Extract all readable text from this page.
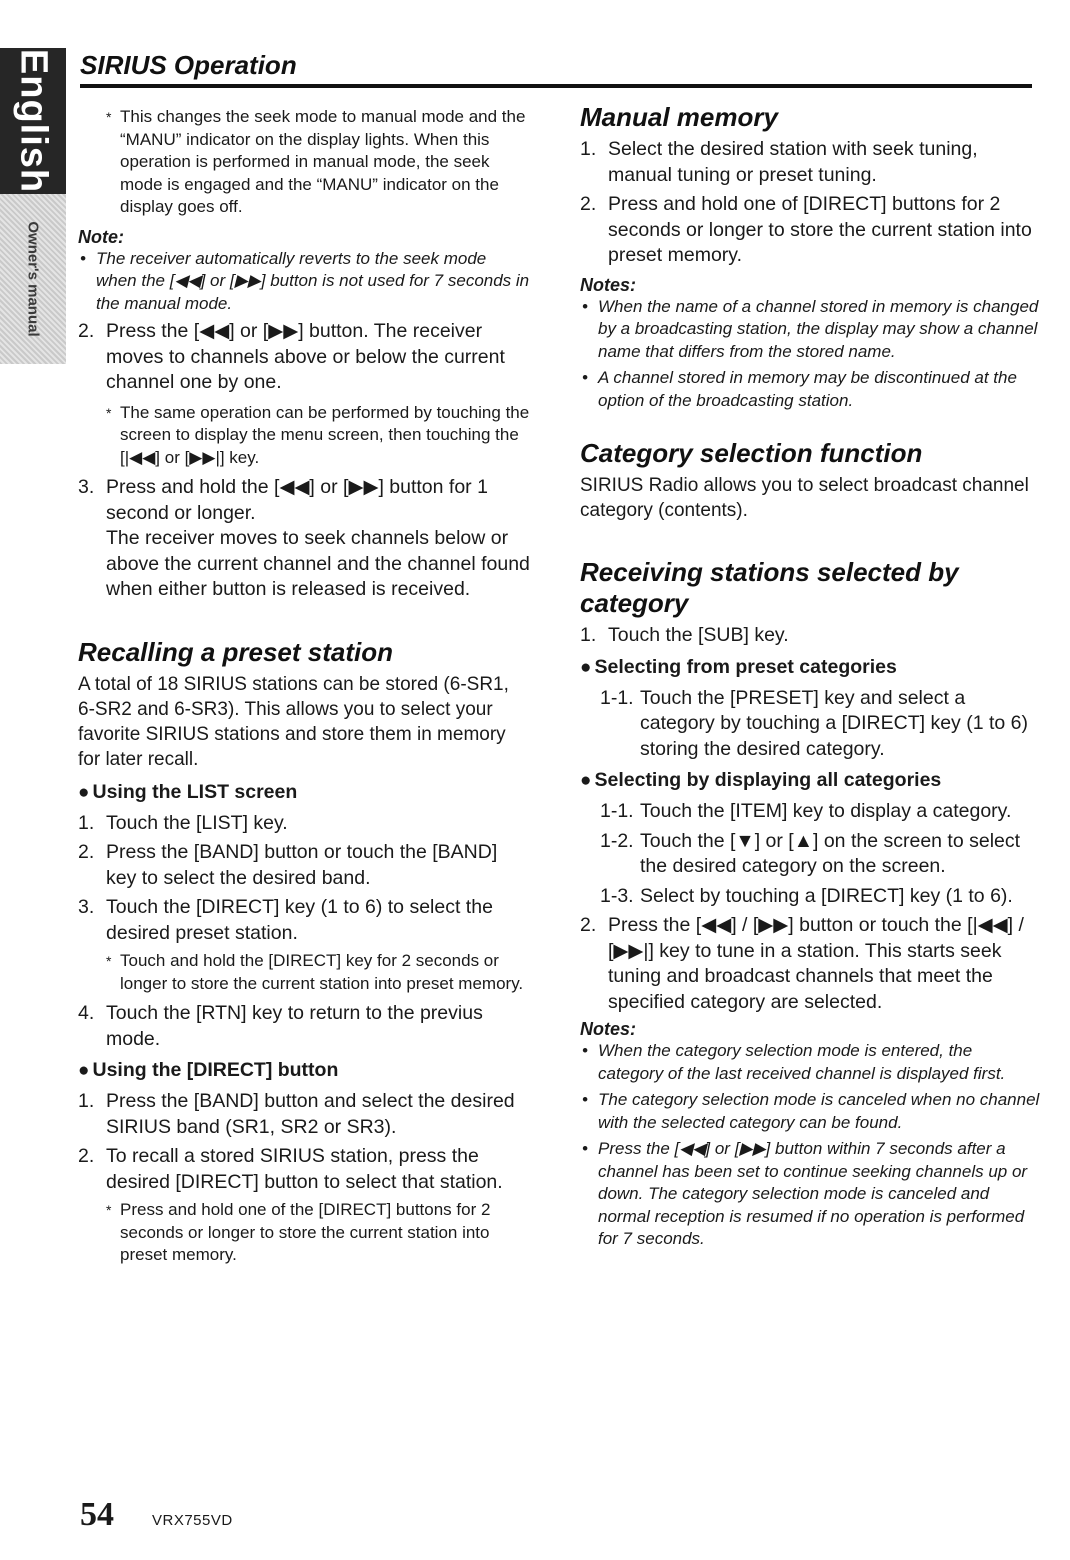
English
Owner's manual
SIRIUS Operation
* This changes the seek mode to manual mode and the “MANU” indicator on the display lights. When this operation is performed in manual mode, the seek mode is engaged and the “MANU” indicator on the display goes off.
Note:
• The receiver automatically reverts to the seek mode when the [◀◀] or [▶▶] button is not used for 7 seconds in the manual mode.
2. Press the [◀◀] or [▶▶] button. The receiver moves to channels above or below the current channel one by one.
* The same operation can be performed by touching the screen to display the menu screen, then touching the [|◀◀] or [▶▶|] key.
3. Press and hold the [◀◀] or [▶▶] button for 1 second or longer.
The receiver moves to seek channels below or above the current channel and the channel found when either button is released is received.
Recalling a preset station

A total of 18 SIRIUS stations can be stored (6-SR1, 6-SR2 and 6-SR3). This allows you to select your favorite SIRIUS stations and store them in memory for later recall.

● Using the LIST screen
1. Touch the [LIST] key.
2. Press the [BAND] button or touch the [BAND] key to select the desired band.
3. Touch the [DIRECT] key (1 to 6) to select the desired preset station.
* Touch and hold the [DIRECT] key for 2 seconds or longer to store the current station into preset memory.
4. Touch the [RTN] key to return to the previus mode.
● Using the [DIRECT] button
1. Press the [BAND] button and select the desired SIRIUS band (SR1, SR2 or SR3).
2. To recall a stored SIRIUS station, press the desired [DIRECT] button to select that station.
* Press and hold one of the [DIRECT] buttons for 2 seconds or longer to store the current station into preset memory.
Manual memory
1. Select the desired station with seek tuning, manual tuning or preset tuning.
2. Press and hold one of [DIRECT] buttons for 2 seconds or longer to store the current station into preset memory.
Notes:
• When the name of a channel stored in memory is changed by a broadcasting station, the display may show a channel name that differs from the stored name.
• A channel stored in memory may be discontinued at the option of the broadcasting station.
Category selection function

SIRIUS Radio allows you to select broadcast channel category (contents).

Receiving stations selected by category
1. Touch the [SUB] key.
● Selecting from preset categories
1-1. Touch the [PRESET] key and select a category by touching a [DIRECT] key (1 to 6) storing the desired category.
● Selecting by displaying all categories
1-1. Touch the [ITEM] key to display a category.
1-2. Touch the [▼] or [▲] on the screen to select the desired category on the screen.
1-3. Select by touching a [DIRECT] key (1 to 6).
2. Press the [◀◀] / [▶▶] button or touch the [|◀◀] / [▶▶|] key to tune in a station. This starts seek tuning and broadcast channels that meet the specified category are selected.
Notes:
• When the category selection mode is entered, the category of the last received channel is displayed first.
• The category selection mode is canceled when no channel with the selected category can be found.
• Press the [◀◀] or [▶▶] button within 7 seconds after a channel has been set to continue seeking channels up or down. The category selection mode is canceled and normal reception is resumed if no operation is performed for 7 seconds.
54	VRX755VD
